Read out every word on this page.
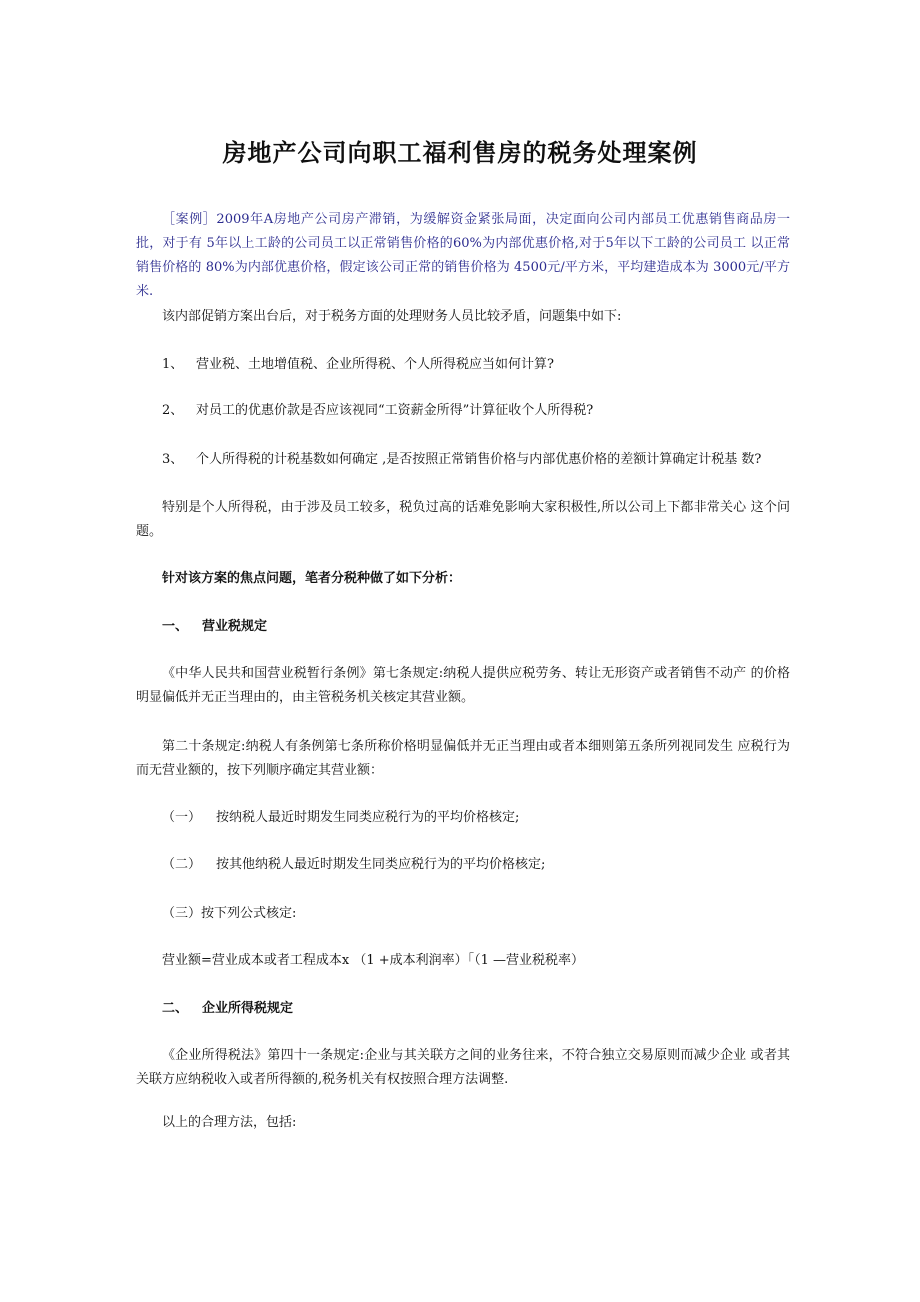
房地产公司向职工福利售房的税务处理案例
［案例］2009年A房地产公司房产滞销，为缓解资金紧张局面，决定面向公司内部员工优惠销售商品房一　批，对于有 5年以上工龄的公司员工以正常销售价格的60%为内部优惠价格,对于5年以下工龄的公司员工 以正常销售价格的 80%为内部优惠价格，假定该公司正常的销售价格为 4500元/平方米，平均建造成本为 3000元/平方米.
该内部促销方案出台后，对于税务方面的处理财务人员比较矛盾，问题集中如下:
1、 营业税、土地增值税、企业所得税、个人所得税应当如何计算?
2、 对员工的优惠价款是否应该视同“工资薪金所得”计算征收个人所得税?
3、 个人所得税的计税基数如何确定 ,是否按照正常销售价格与内部优惠价格的差额计算确定计税基 数?
特别是个人所得税，由于涉及员工较多，税负过高的话难免影响大家积极性,所以公司上下都非常关心 这个问题。
针对该方案的焦点问题，笔者分税种做了如下分析：
一、 营业税规定
《中华人民共和国营业税暂行条例》第七条规定:纳税人提供应税劳务、转让无形资产或者销售不动产 的价格明显偏低并无正当理由的，由主管税务机关核定其营业额。
第二十条规定:纳税人有条例第七条所称价格明显偏低并无正当理由或者本细则第五条所列视同发生 应税行为而无营业额的，按下列顺序确定其营业额：
（一） 按纳税人最近时期发生同类应税行为的平均价格核定;
（二） 按其他纳税人最近时期发生同类应税行为的平均价格核定;
（三）按下列公式核定:
营业额=营业成本或者工程成本x （1 +成本利润率）「（1 —营业税税率）
二、 企业所得税规定
《企业所得税法》第四十一条规定:企业与其关联方之间的业务往来，不符合独立交易原则而减少企业 或者其关联方应纳税收入或者所得额的,税务机关有权按照合理方法调整.
以上的合理方法，包括:
